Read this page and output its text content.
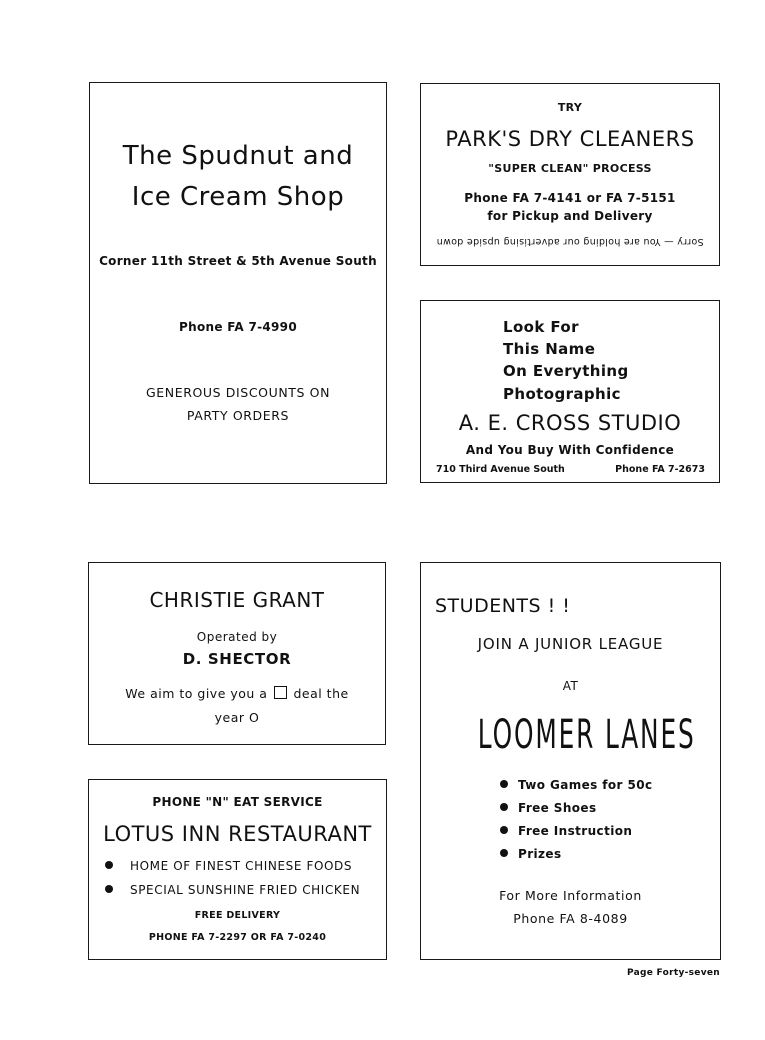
The Spudnut and
Ice Cream Shop
Corner 11th Street & 5th Avenue South
Phone FA 7-4990
GENEROUS DISCOUNTS ON
PARTY ORDERS
TRY
PARK'S DRY CLEANERS
"SUPER CLEAN" PROCESS
Phone FA 7-4141 or FA 7-5151
for Pickup and Delivery
Sorry — You are holding our advertising upside down
Look For
This Name
On Everything
Photographic
A. E. CROSS STUDIO
And You Buy With Confidence
710 Third Avenue South	Phone FA 7-2673
CHRISTIE GRANT
Operated by
D. SHECTOR
We aim to give you a deal the
year O
PHONE "N" EAT SERVICE
LOTUS INN RESTAURANT
HOME OF FINEST CHINESE FOODS
SPECIAL SUNSHINE FRIED CHICKEN
FREE DELIVERY
PHONE FA 7-2297 OR FA 7-0240
STUDENTS ! !
JOIN A JUNIOR LEAGUE
AT
LOOMER LANES
Two Games for 50c
Free Shoes
Free Instruction
Prizes
For More Information
Phone FA 8-4089
Page Forty-seven
